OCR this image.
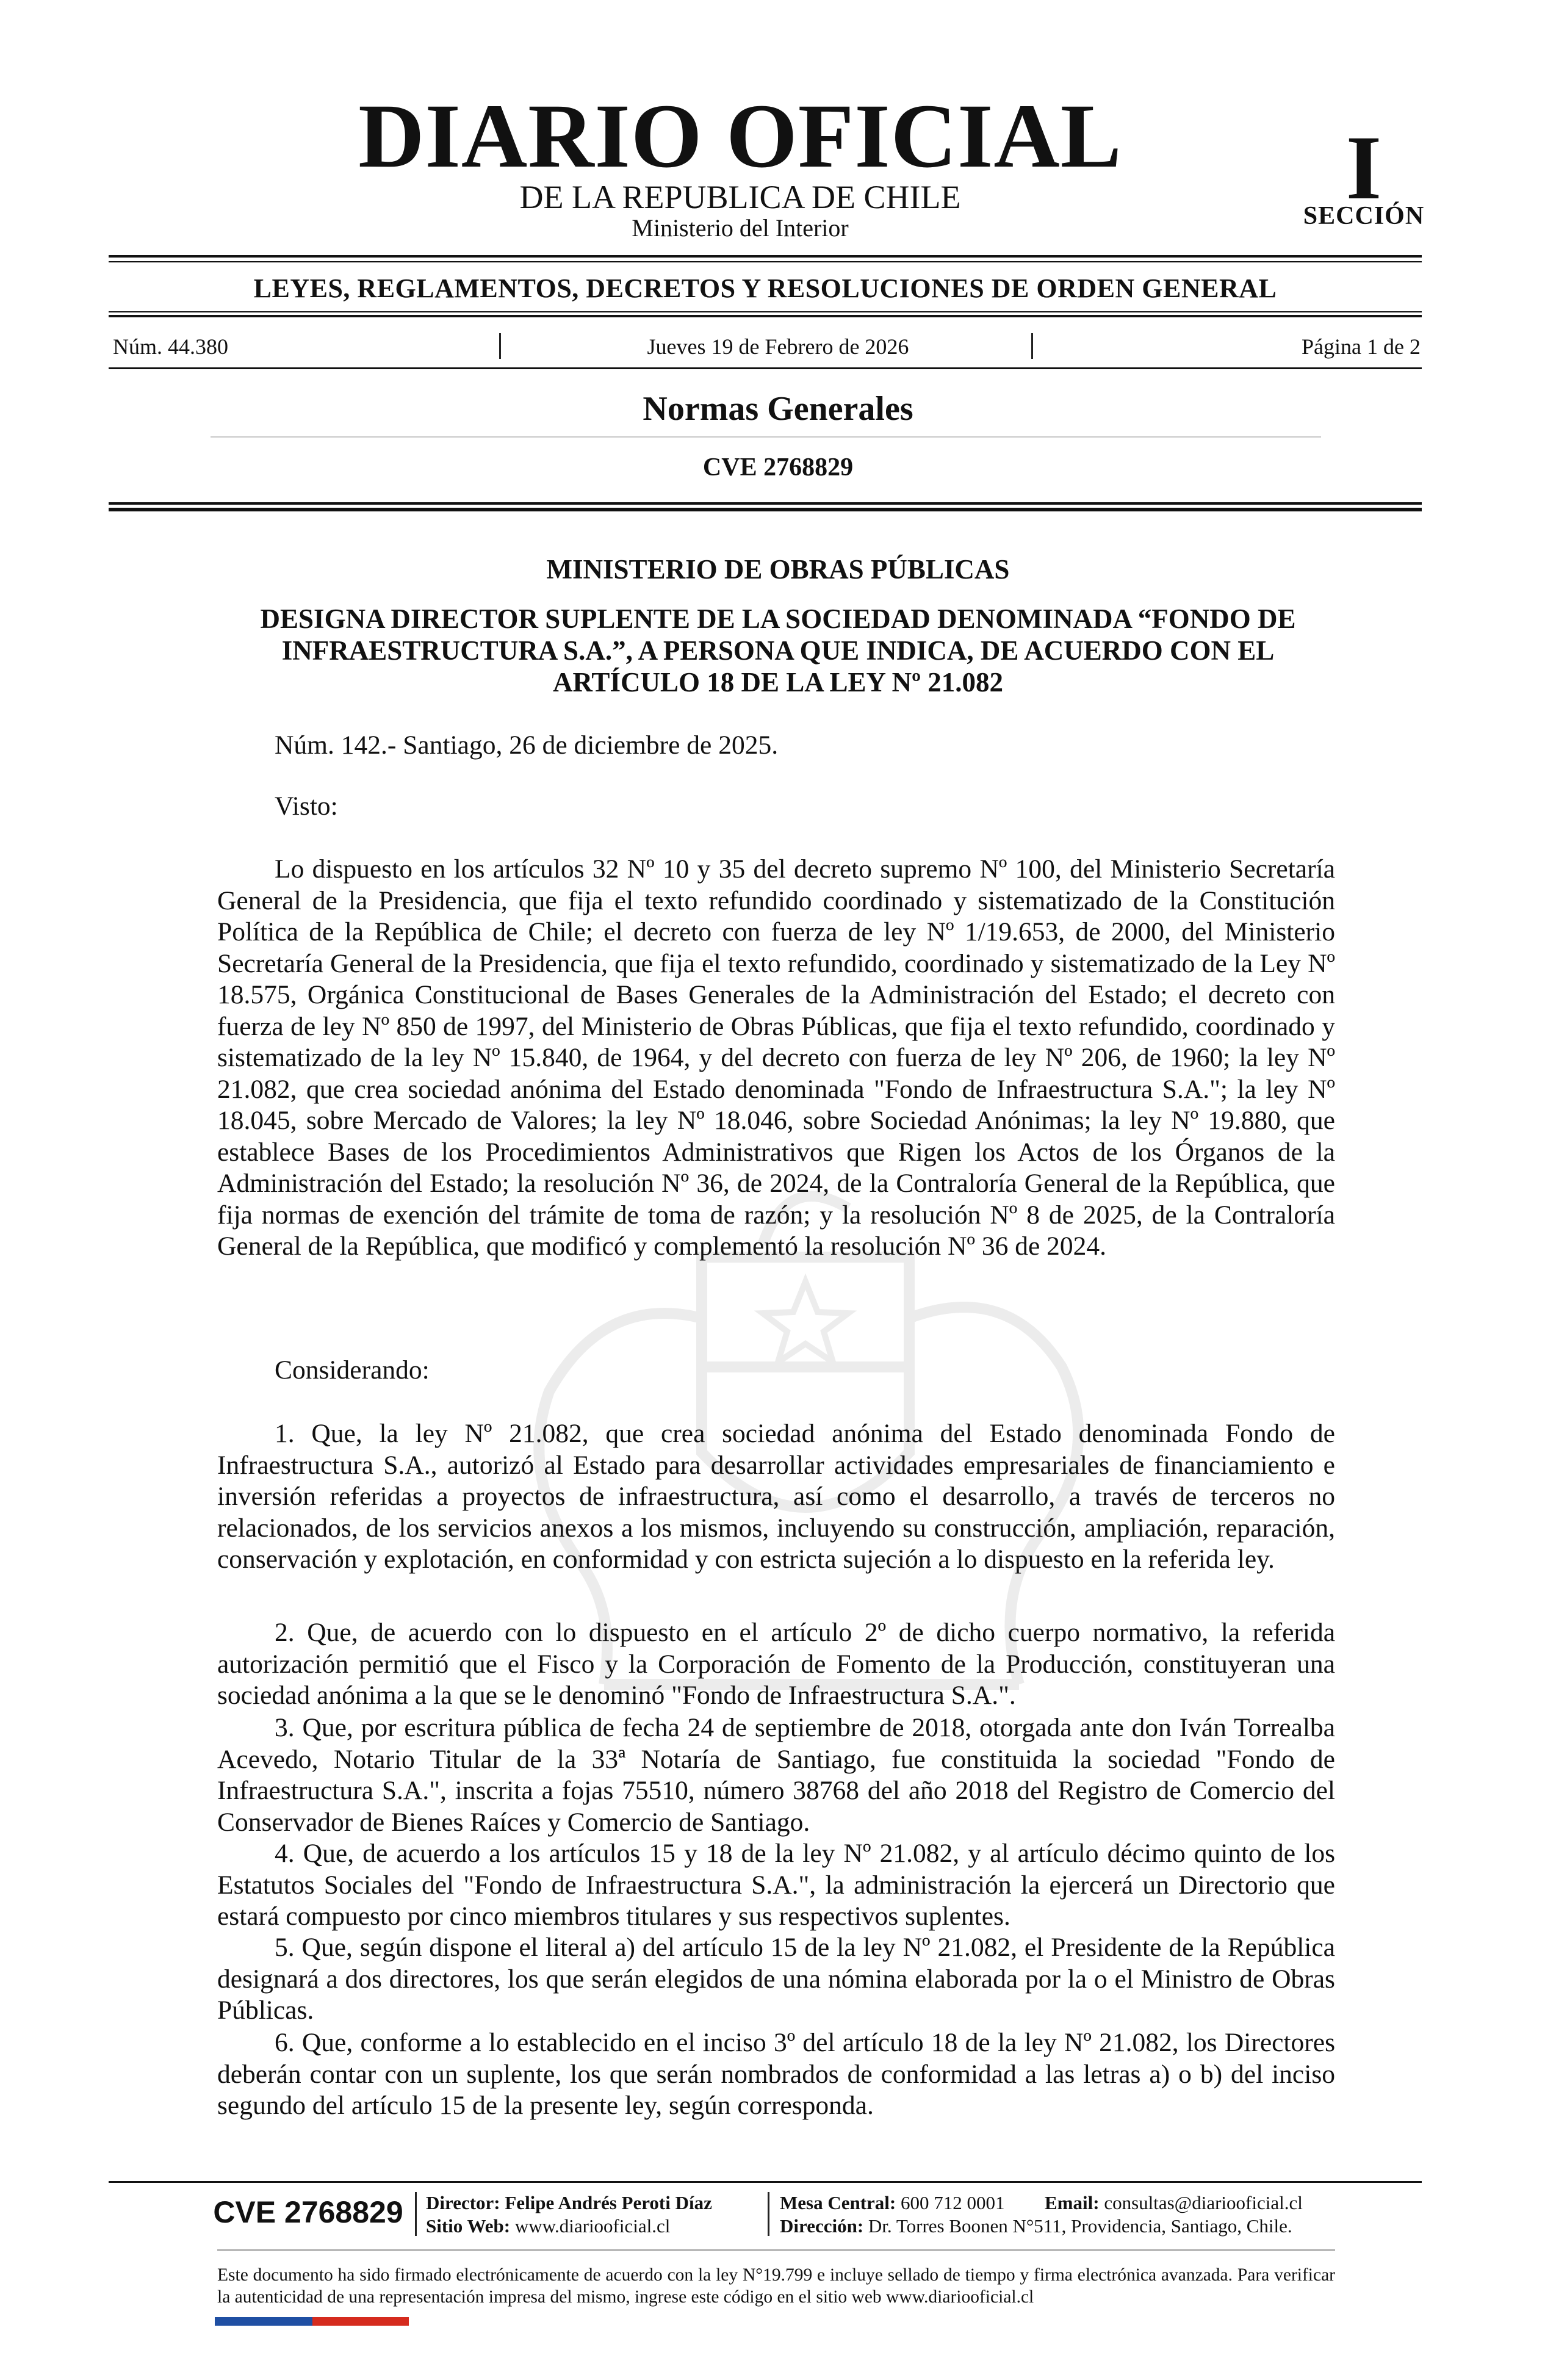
DIARIO OFICIAL
DE LA REPUBLICA DE CHILE
Ministerio del Interior
I
SECCIÓN
LEYES, REGLAMENTOS, DECRETOS Y RESOLUCIONES DE ORDEN GENERAL
Núm. 44.380	Jueves 19 de Febrero de 2026	Página 1 de 2
Normas Generales
CVE 2768829
MINISTERIO DE OBRAS PÚBLICAS
DESIGNA DIRECTOR SUPLENTE DE LA SOCIEDAD DENOMINADA “FONDO DE INFRAESTRUCTURA S.A.”, A PERSONA QUE INDICA, DE ACUERDO CON EL ARTÍCULO 18 DE LA LEY Nº 21.082
Núm. 142.- Santiago, 26 de diciembre de 2025.
Visto:
Lo dispuesto en los artículos 32 Nº 10 y 35 del decreto supremo Nº 100, del Ministerio Secretaría General de la Presidencia, que fija el texto refundido coordinado y sistematizado de la Constitución Política de la República de Chile; el decreto con fuerza de ley Nº 1/19.653, de 2000, del Ministerio Secretaría General de la Presidencia, que fija el texto refundido, coordinado y sistematizado de la Ley Nº 18.575, Orgánica Constitucional de Bases Generales de la Administración del Estado; el decreto con fuerza de ley Nº 850 de 1997, del Ministerio de Obras Públicas, que fija el texto refundido, coordinado y sistematizado de la ley Nº 15.840, de 1964, y del decreto con fuerza de ley Nº 206, de 1960; la ley Nº 21.082, que crea sociedad anónima del Estado denominada "Fondo de Infraestructura S.A."; la ley Nº 18.045, sobre Mercado de Valores; la ley Nº 18.046, sobre Sociedad Anónimas; la ley Nº 19.880, que establece Bases de los Procedimientos Administrativos que Rigen los Actos de los Órganos de la Administración del Estado; la resolución Nº 36, de 2024, de la Contraloría General de la República, que fija normas de exención del trámite de toma de razón; y la resolución Nº 8 de 2025, de la Contraloría General de la República, que modificó y complementó la resolución Nº 36 de 2024.
Considerando:
1. Que, la ley Nº 21.082, que crea sociedad anónima del Estado denominada Fondo de Infraestructura S.A., autorizó al Estado para desarrollar actividades empresariales de financiamiento e inversión referidas a proyectos de infraestructura, así como el desarrollo, a través de terceros no relacionados, de los servicios anexos a los mismos, incluyendo su construcción, ampliación, reparación, conservación y explotación, en conformidad y con estricta sujeción a lo dispuesto en la referida ley.
2. Que, de acuerdo con lo dispuesto en el artículo 2º de dicho cuerpo normativo, la referida autorización permitió que el Fisco y la Corporación de Fomento de la Producción, constituyeran una sociedad anónima a la que se le denominó "Fondo de Infraestructura S.A.".
3. Que, por escritura pública de fecha 24 de septiembre de 2018, otorgada ante don Iván Torrealba Acevedo, Notario Titular de la 33ª Notaría de Santiago, fue constituida la sociedad "Fondo de Infraestructura S.A.", inscrita a fojas 75510, número 38768 del año 2018 del Registro de Comercio del Conservador de Bienes Raíces y Comercio de Santiago.
4. Que, de acuerdo a los artículos 15 y 18 de la ley Nº 21.082, y al artículo décimo quinto de los Estatutos Sociales del "Fondo de Infraestructura S.A.", la administración la ejercerá un Directorio que estará compuesto por cinco miembros titulares y sus respectivos suplentes.
5. Que, según dispone el literal a) del artículo 15 de la ley Nº 21.082, el Presidente de la República designará a dos directores, los que serán elegidos de una nómina elaborada por la o el Ministro de Obras Públicas.
6. Que, conforme a lo establecido en el inciso 3º del artículo 18 de la ley Nº 21.082, los Directores deberán contar con un suplente, los que serán nombrados de conformidad a las letras a) o b) del inciso segundo del artículo 15 de la presente ley, según corresponda.
CVE 2768829	Director: Felipe Andrés Peroti Díaz
Sitio Web: www.diariooficial.cl
Mesa Central: 600 712 0001 Email: consultas@diariooficial.cl
Dirección: Dr. Torres Boonen N°511, Providencia, Santiago, Chile.
Este documento ha sido firmado electrónicamente de acuerdo con la ley N°19.799 e incluye sellado de tiempo y firma electrónica avanzada. Para verificar la autenticidad de una representación impresa del mismo, ingrese este código en el sitio web www.diariooficial.cl
